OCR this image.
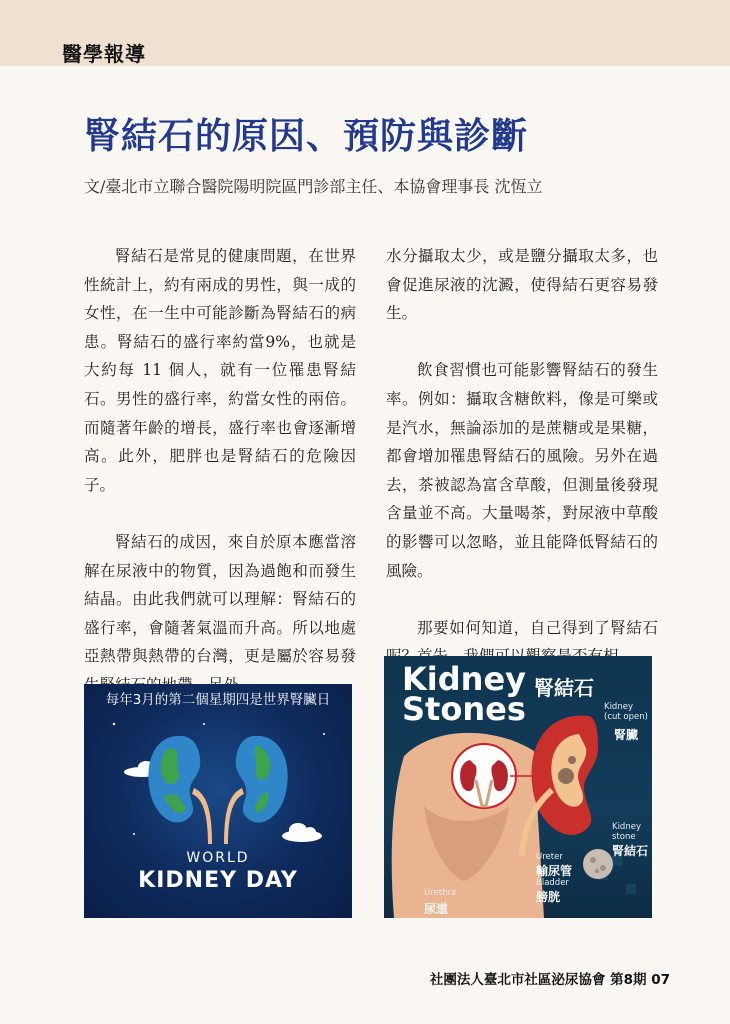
醫學報導
腎結石的原因、預防與診斷
文/臺北市立聯合醫院陽明院區門診部主任、本協會理事長 沈恆立

腎結石是常見的健康問題，在世界性統計上，約有兩成的男性，與一成的女性，在一生中可能診斷為腎結石的病患。腎結石的盛行率約當9%，也就是大約每 11 個人，就有一位罹患腎結石。男性的盛行率，約當女性的兩倍。而隨著年齡的增長，盛行率也會逐漸增高。此外，肥胖也是腎結石的危險因子。

腎結石的成因，來自於原本應當溶解在尿液中的物質，因為過飽和而發生結晶。由此我們就可以理解：腎結石的盛行率，會隨著氣溫而升高。所以地處亞熱帶與熱帶的台灣，更是屬於容易發

水分攝取太少，或是鹽分攝取太多，也會促進尿液的沈澱，使得結石更容易發生。

飲食習慣也可能影響腎結石的發生率。例如：攝取含糖飲料，像是可樂或是汽水，無論添加的是蔗糖或是果糖，都會增加罹患腎結石的風險。另外在過去，茶被認為富含草酸，但測量後發現含量並不高。大量喝茶，對尿液中草酸的影響可以忽略，並且能降低腎結石的風險。

那要如何知道，自己得到了腎結石

每年3月的第二個星期四是世界腎臟日
WORLD
KIDNEY DAY
Kidney
Stones
腎結石
Kidney
(cut open)
腎臟
Kidney
stone
腎結石
Ureter
輸尿管
Bladder
膀胱
Urethra
尿道
社團法人臺北市社區泌尿協會 第8期 07
